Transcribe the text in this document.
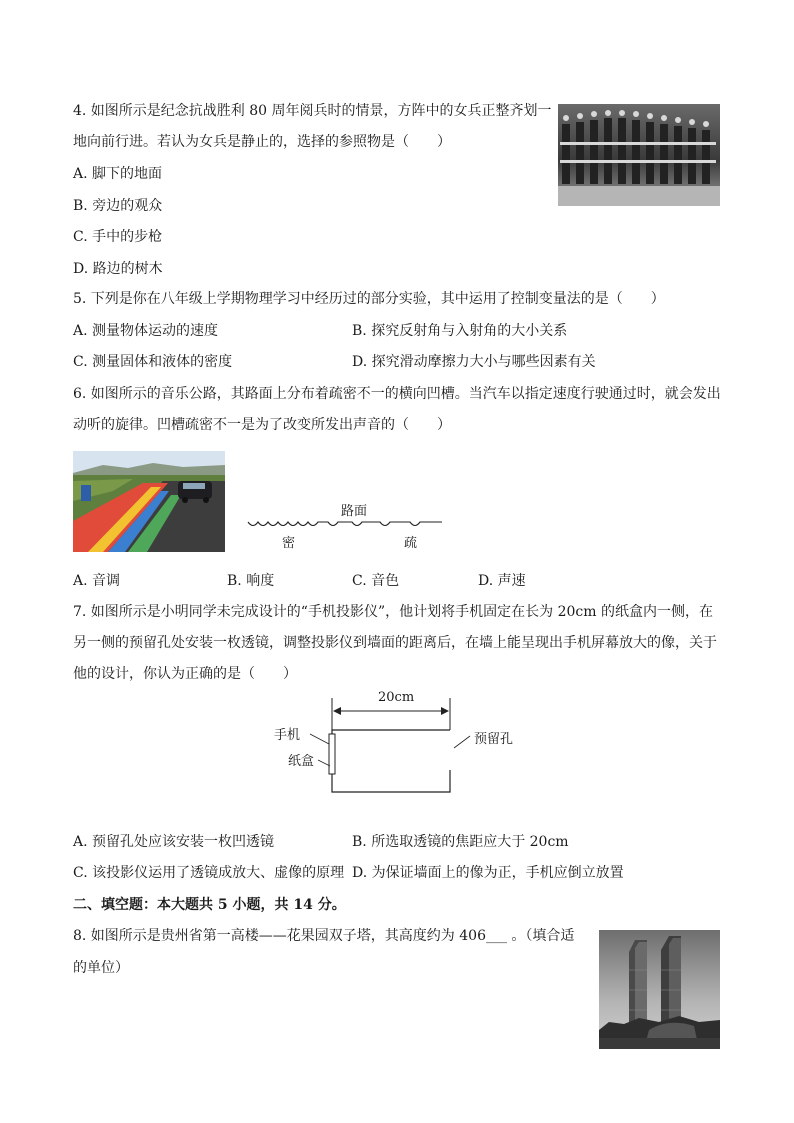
4. 如图所示是纪念抗战胜利 80 周年阅兵时的情景，方阵中的女兵正整齐划一
地向前行进。若认为女兵是静止的，选择的参照物是（　　）
A. 脚下的地面
B. 旁边的观众
C. 手中的步枪
D. 路边的树木
5. 下列是你在八年级上学期物理学习中经历过的部分实验，其中运用了控制变量法的是（　　）
A. 测量物体运动的速度	B. 探究反射角与入射角的大小关系
C. 测量固体和液体的密度	D. 探究滑动摩擦力大小与哪些因素有关
6. 如图所示的音乐公路，其路面上分布着疏密不一的横向凹槽。当汽车以指定速度行驶通过时，就会发出
动听的旋律。凹槽疏密不一是为了改变所发出声音的（　　）
路面
密	疏
A. 音调	B. 响度	C. 音色	D. 声速
7. 如图所示是小明同学未完成设计的“手机投影仪”，他计划将手机固定在长为 20cm 的纸盒内一侧，在
另一侧的预留孔处安装一枚透镜，调整投影仪到墙面的距离后，在墙上能呈现出手机屏幕放大的像，关于
他的设计，你认为正确的是（　　）
20cm
手机
纸盒
预留孔
A. 预留孔处应该安装一枚凹透镜	B. 所选取透镜的焦距应大于 20cm
C. 该投影仪运用了透镜成放大、虚像的原理 D. 为保证墙面上的像为正，手机应倒立放置
二、填空题：本大题共 5 小题，共 14 分。
8. 如图所示是贵州省第一高楼——花果园双子塔，其高度约为 406___ 。（填合适
的单位）
